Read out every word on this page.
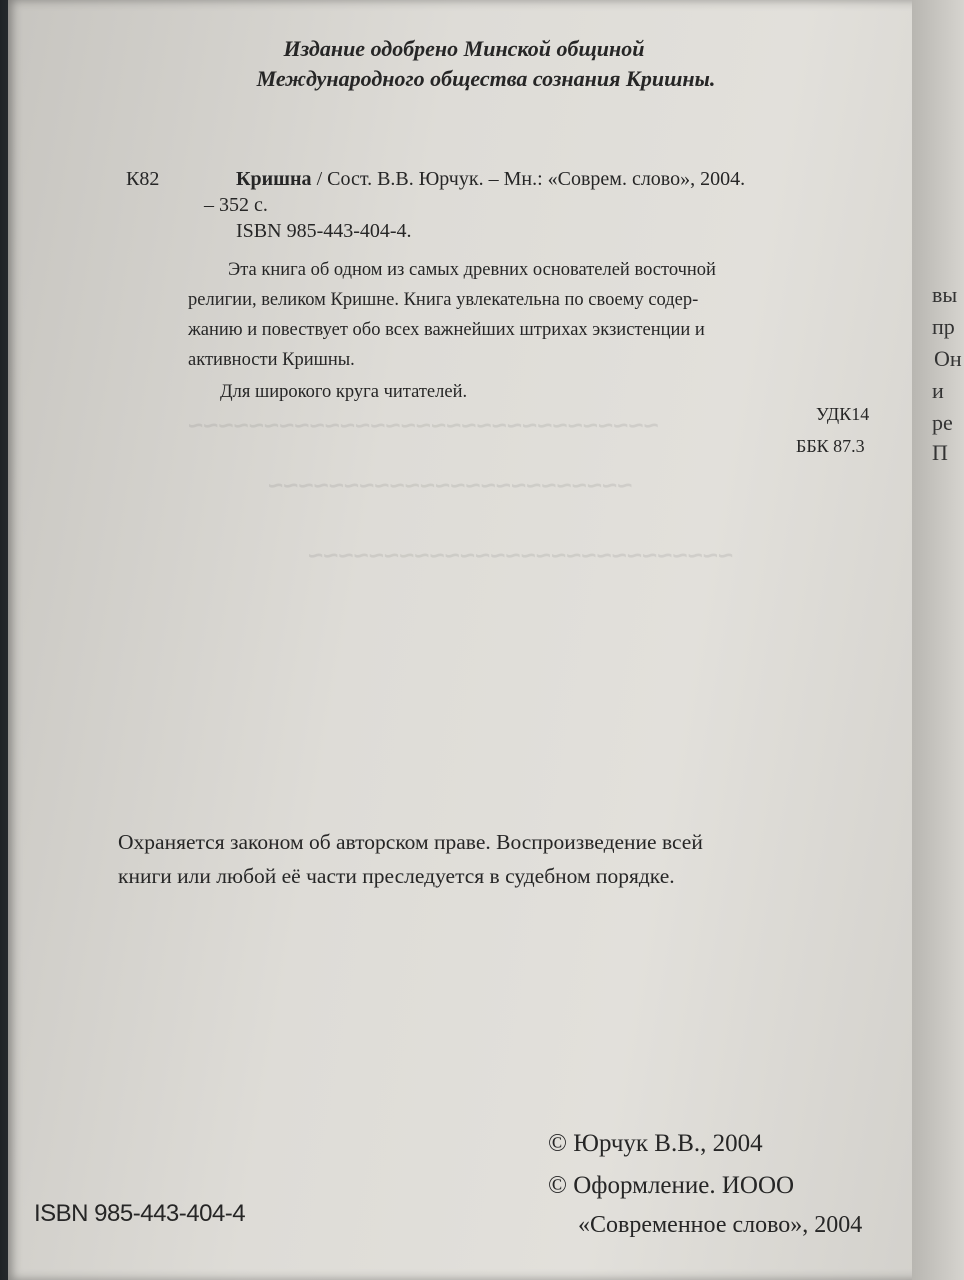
~~~~~~~~~~~~~~~~~~~~~~~~~~~~~~~
~~~~~~~~~~~~~~~~~~~~~~~~
~~~~~~~~~~~~~~~~~~~~~~~~~~~~
Издание одобрено Минской общиной
Международного общества сознания Кришны.
К82	Кришна / Сост. В.В. Юрчук. – Мн.: «Соврем. слово», 2004.
– 352 с.
ISBN 985-443-404-4.
Эта книга об одном из самых древних основателей восточной
религии, великом Кришне. Книга увлекательна по своему содер-
жанию и повествует обо всех важнейших штрихах экзистенции и
активности Кришны.
Для широкого круга читателей.
УДК14
ББК 87.3
Охраняется законом об авторском праве. Воспроизведение всей
книги или любой её части преследуется в судебном порядке.
© Юрчук В.В., 2004
© Оформление. ИООО
ISBN 985-443-404-4	«Современное слово», 2004
вы
пр
Он
и
ре
П
